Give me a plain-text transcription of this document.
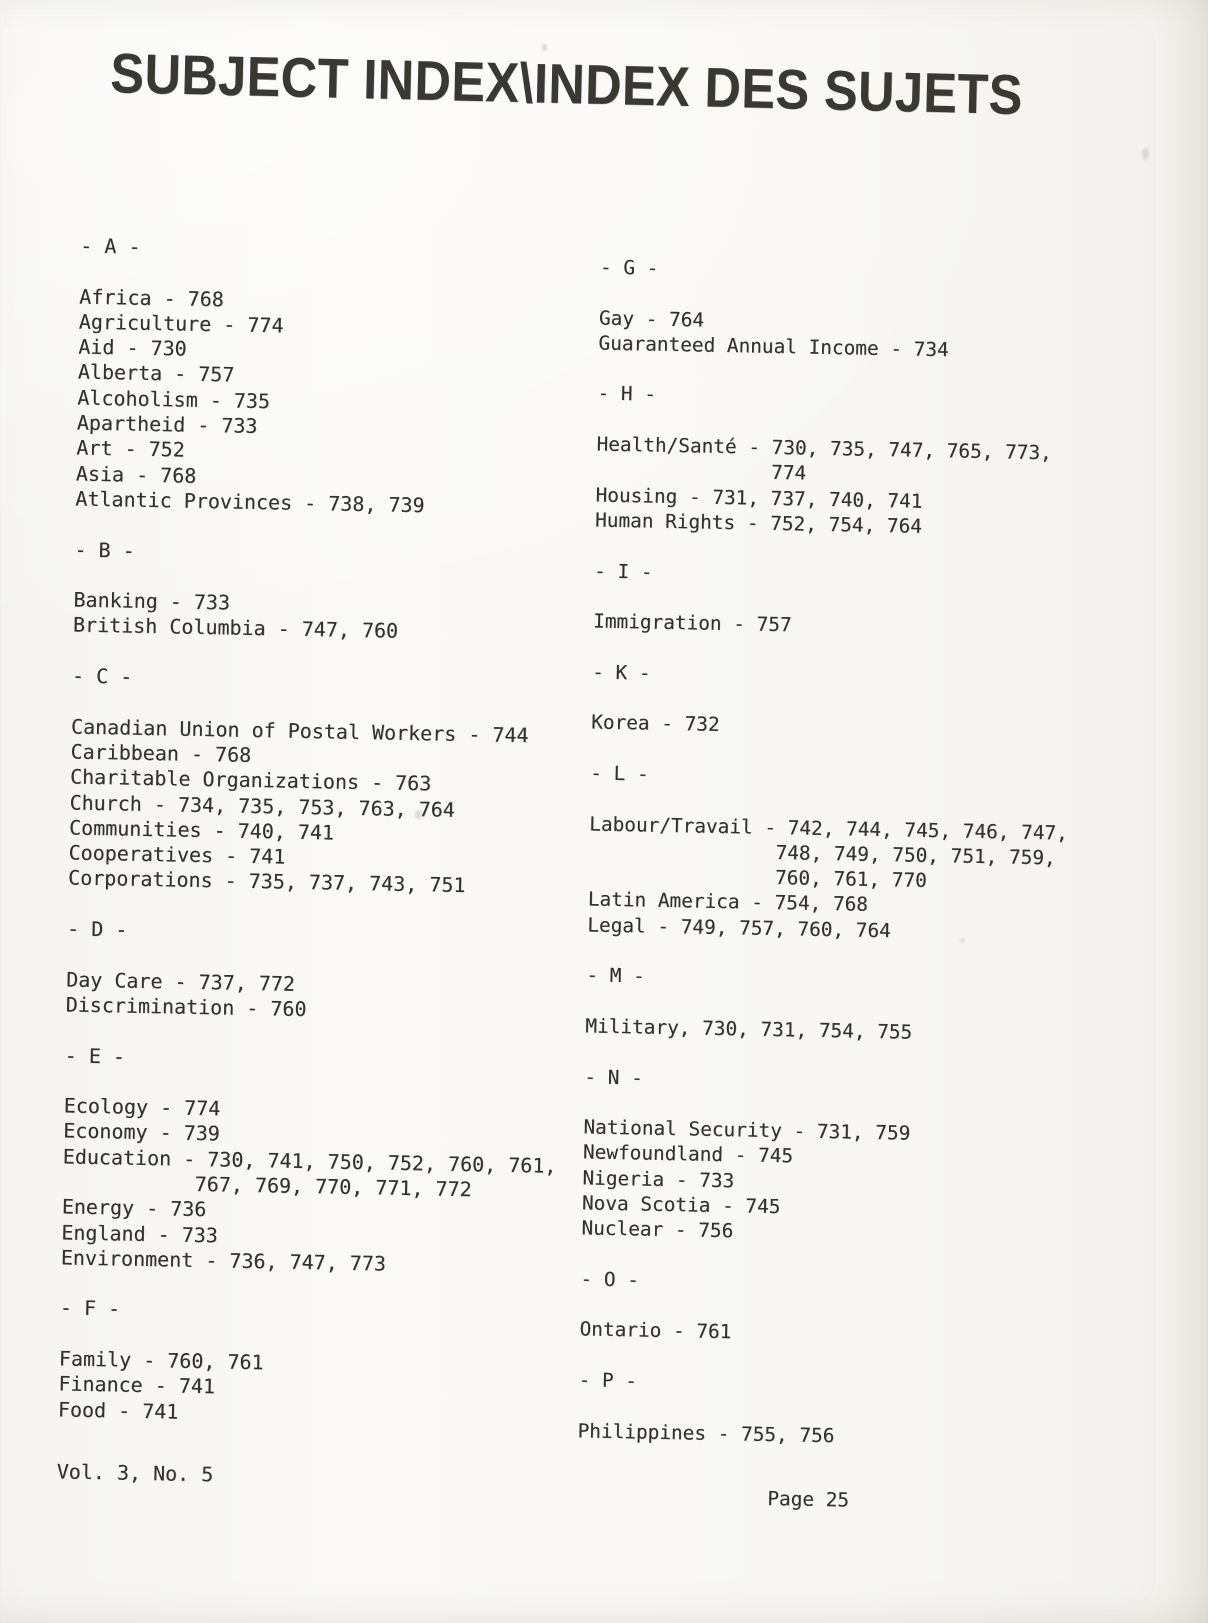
SUBJECT INDEX\INDEX DES SUJETS
- A -
Africa - 768
Agriculture - 774
Aid - 730
Alberta - 757
Alcoholism - 735
Apartheid - 733
Art - 752
Asia - 768
Atlantic Provinces - 738, 739
- B -
Banking - 733
British Columbia - 747, 760
- C -
Canadian Union of Postal Workers - 744
Caribbean - 768
Charitable Organizations - 763
Church - 734, 735, 753, 763, 764
Communities - 740, 741
Cooperatives - 741
Corporations - 735, 737, 743, 751
- D -
Day Care - 737, 772
Discrimination - 760
- E -
Ecology - 774
Economy - 739
Education - 730, 741, 750, 752, 760, 761,
767, 769, 770, 771, 772
Energy - 736
England - 733
Environment - 736, 747, 773
- F -
Family - 760, 761
Finance - 741
Food - 741
- G -
Gay - 764
Guaranteed Annual Income - 734
- H -
Health/Santé - 730, 735, 747, 765, 773,
774
Housing - 731, 737, 740, 741
Human Rights - 752, 754, 764
- I -
Immigration - 757
- K -
Korea - 732
- L -
Labour/Travail - 742, 744, 745, 746, 747,
748, 749, 750, 751, 759,
760, 761, 770
Latin America - 754, 768
Legal - 749, 757, 760, 764
- M -
Military, 730, 731, 754, 755
- N -
National Security - 731, 759
Newfoundland - 745
Nigeria - 733
Nova Scotia - 745
Nuclear - 756
- O -
Ontario - 761
- P -
Philippines - 755, 756
Vol. 3, No. 5
Page 25
